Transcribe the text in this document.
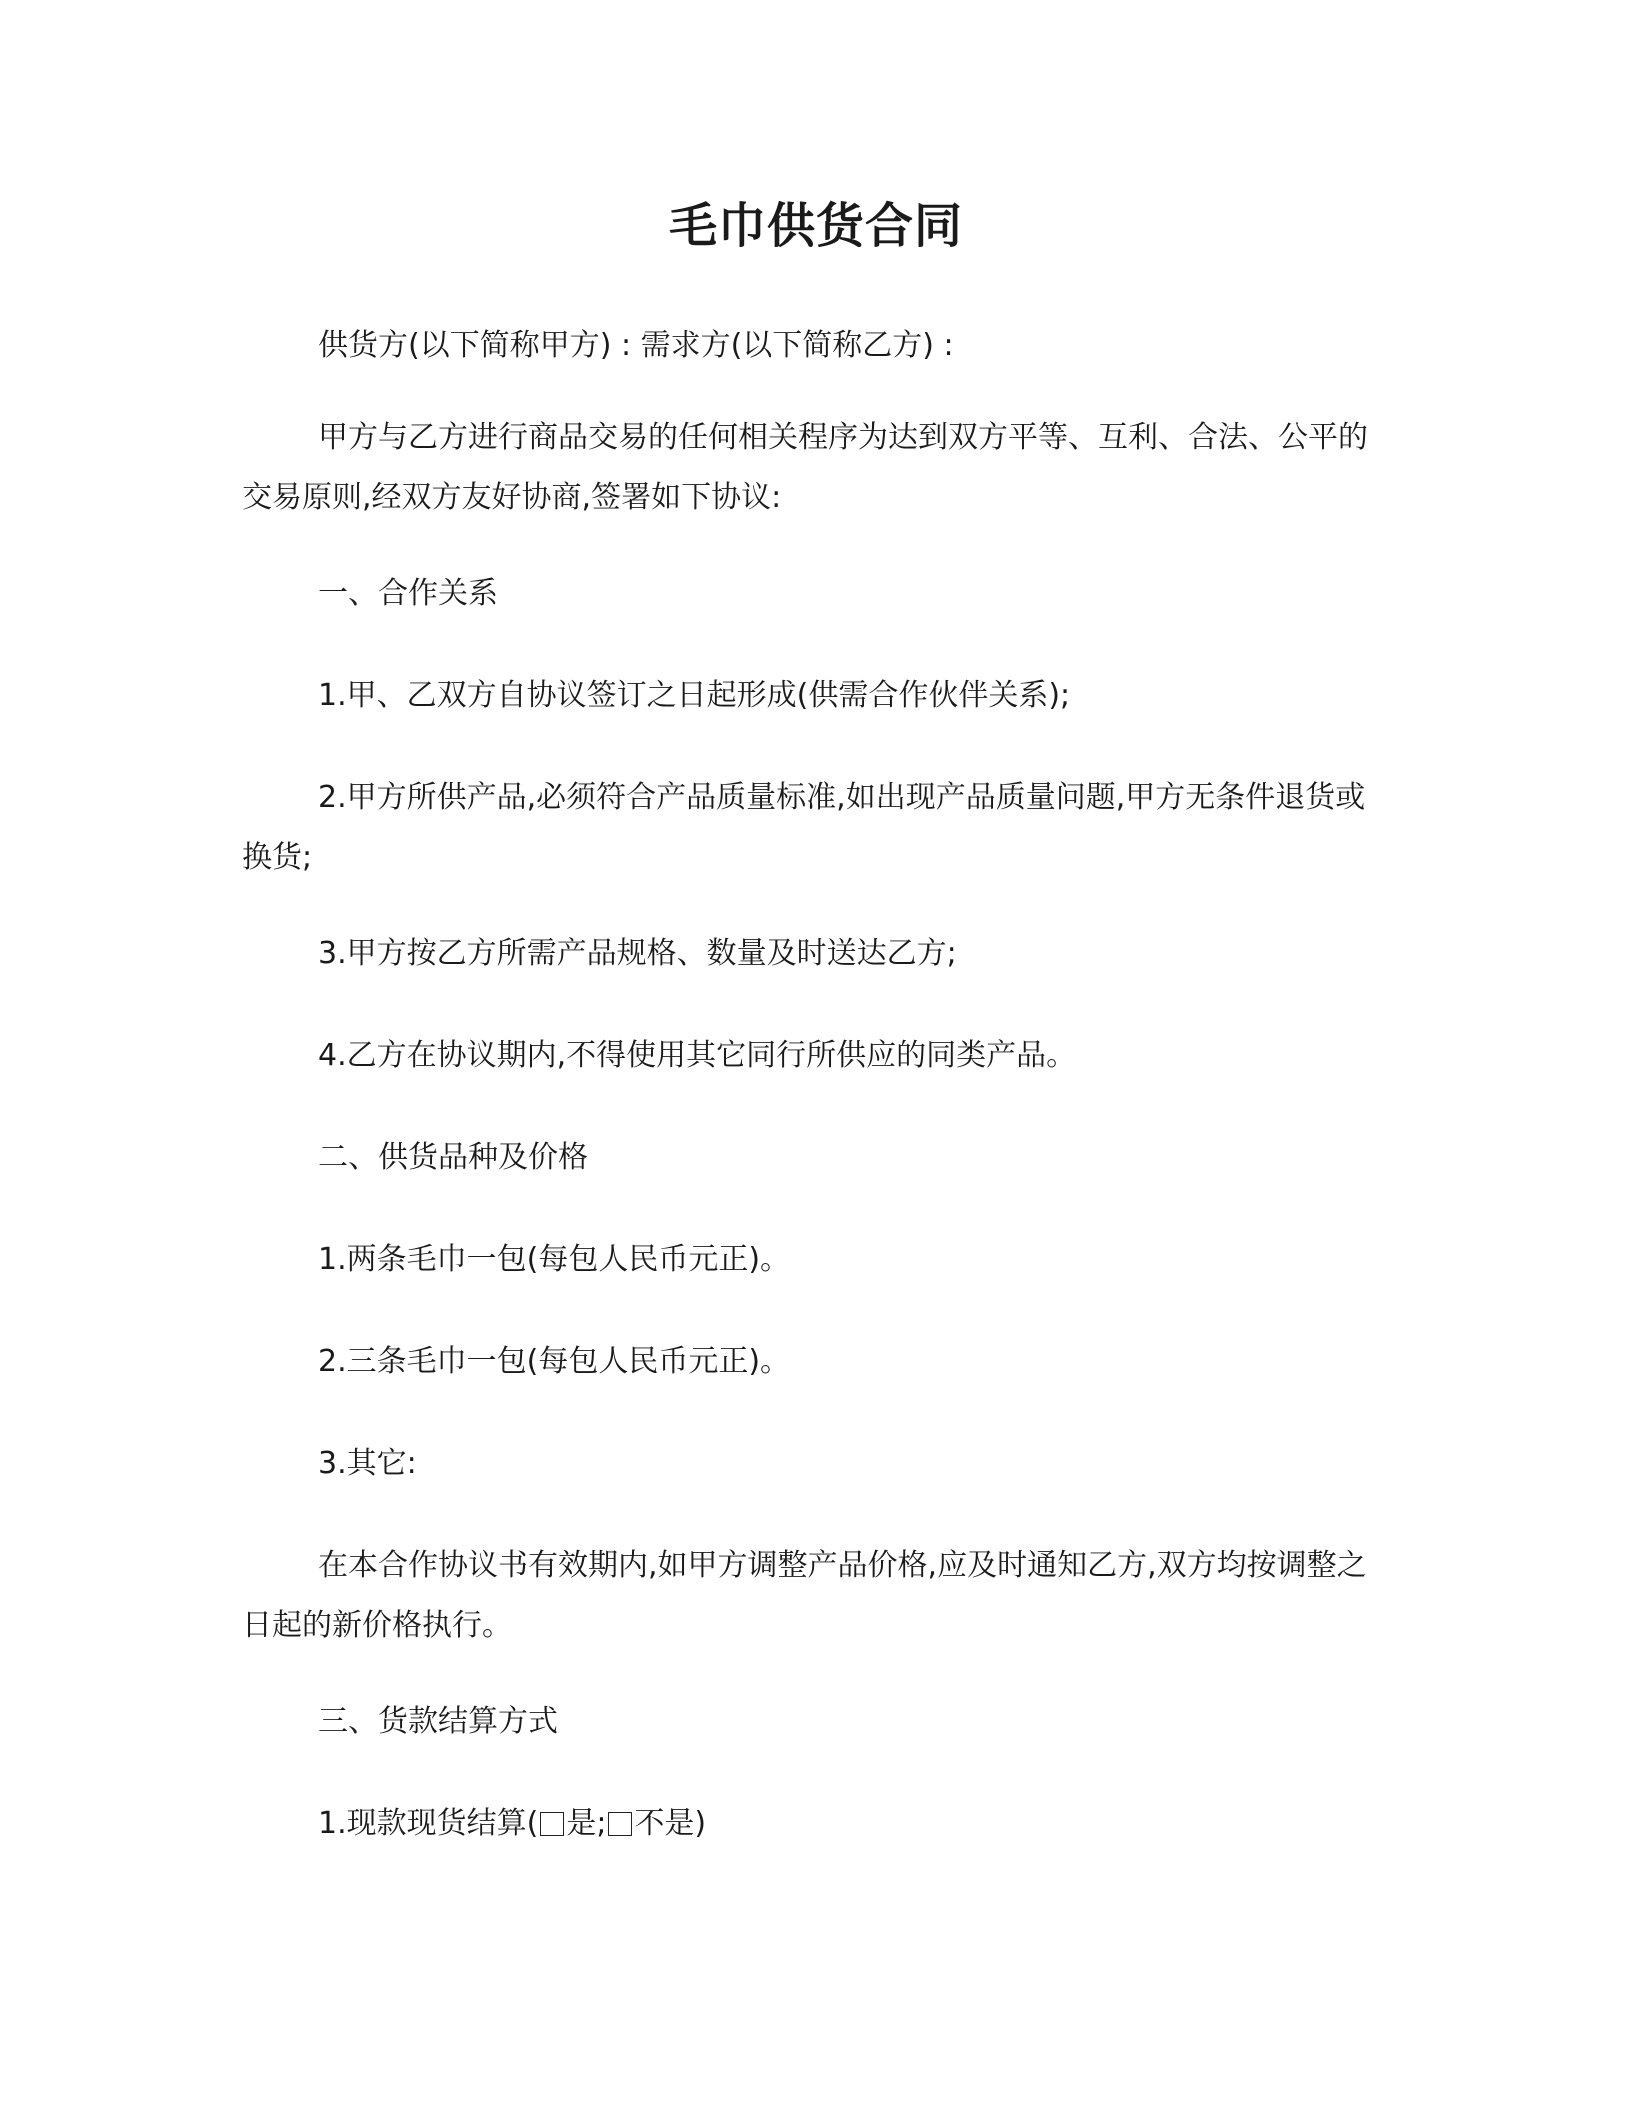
毛巾供货合同

供货方(以下简称甲方) : 需求方(以下简称乙方) :

甲方与乙方进行商品交易的任何相关程序为达到双方平等、互利、合法、公平的交易原则,经双方友好协商,签署如下协议:

一、合作关系

1.甲、乙双方自协议签订之日起形成(供需合作伙伴关系);

2.甲方所供产品,必须符合产品质量标准,如出现产品质量问题,甲方无条件退货或换货;

3.甲方按乙方所需产品规格、数量及时送达乙方;

4.乙方在协议期内,不得使用其它同行所供应的同类产品。

二、供货品种及价格

1.两条毛巾一包(每包人民币元正)。

2.三条毛巾一包(每包人民币元正)。

3.其它:

在本合作协议书有效期内,如甲方调整产品价格,应及时通知乙方,双方均按调整之日起的新价格执行。

三、货款结算方式

1.现款现货结算( 是; 不是)
